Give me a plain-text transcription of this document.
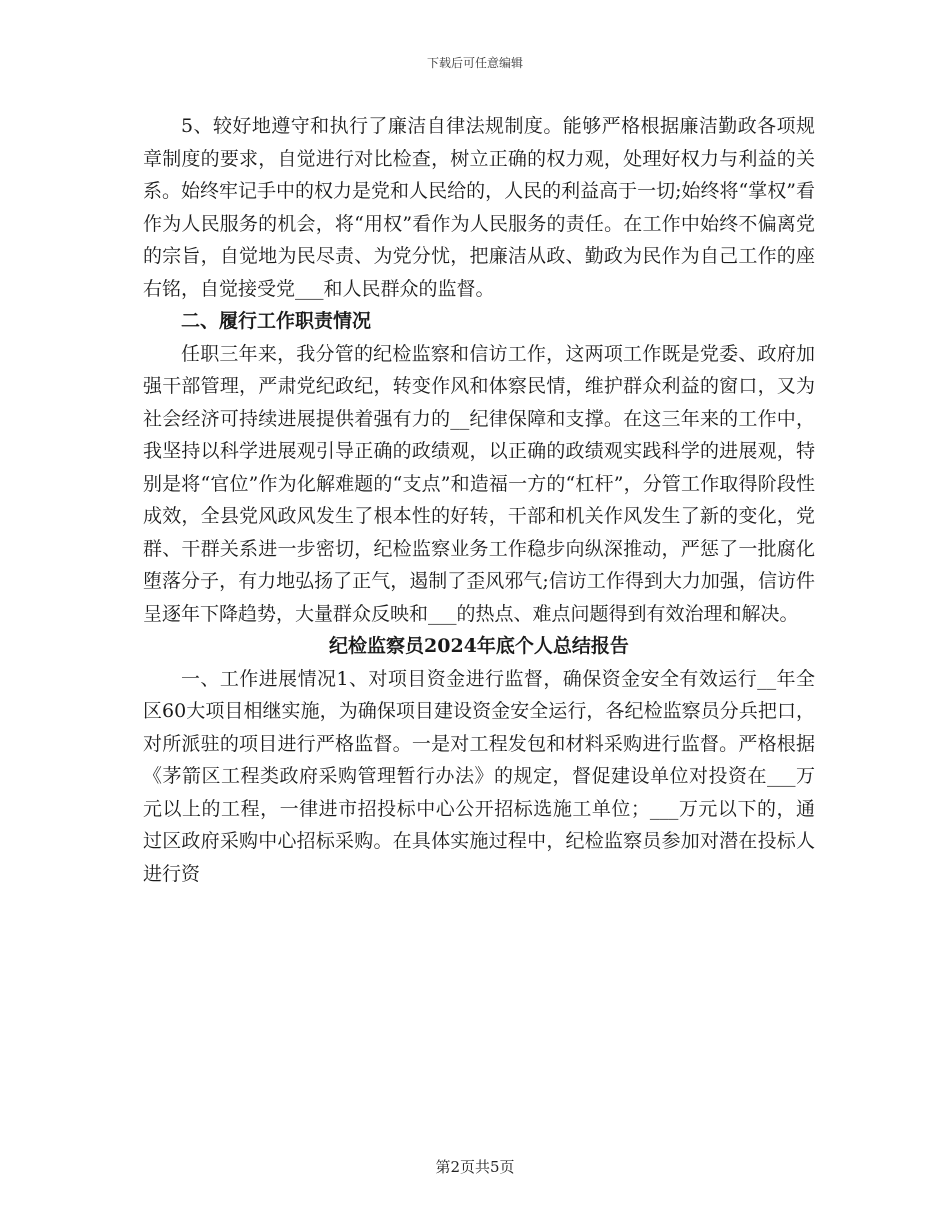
下载后可任意编辑

5、较好地遵守和执行了廉洁自律法规制度。能够严格根据廉洁勤政各项规章制度的要求，自觉进行对比检查，树立正确的权力观，处理好权力与利益的关系。始终牢记手中的权力是党和人民给的，人民的利益高于一切;始终将“掌权”看作为人民服务的机会，将“用权”看作为人民服务的责任。在工作中始终不偏离党的宗旨，自觉地为民尽责、为党分忧，把廉洁从政、勤政为民作为自己工作的座右铭，自觉接受党___和人民群众的监督。

二、履行工作职责情况

任职三年来，我分管的纪检监察和信访工作，这两项工作既是党委、政府加强干部管理，严肃党纪政纪，转变作风和体察民情，维护群众利益的窗口，又为社会经济可持续进展提供着强有力的__纪律保障和支撑。在这三年来的工作中，我坚持以科学进展观引导正确的政绩观，以正确的政绩观实践科学的进展观，特别是将“官位”作为化解难题的“支点”和造福一方的“杠杆”，分管工作取得阶段性成效，全县党风政风发生了根本性的好转，干部和机关作风发生了新的变化，党群、干群关系进一步密切，纪检监察业务工作稳步向纵深推动，严惩了一批腐化堕落分子，有力地弘扬了正气，遏制了歪风邪气;信访工作得到大力加强，信访件呈逐年下降趋势，大量群众反映和___的热点、难点问题得到有效治理和解决。

纪检监察员2024年底个人总结报告

一、工作进展情况1、对项目资金进行监督，确保资金安全有效运行__年全区60大项目相继实施，为确保项目建设资金安全运行，各纪检监察员分兵把口，对所派驻的项目进行严格监督。一是对工程发包和材料采购进行监督。严格根据《茅箭区工程类政府采购管理暂行办法》的规定，督促建设单位对投资在___万元以上的工程，一律进市招投标中心公开招标选施工单位；___万元以下的，通过区政府采购中心招标采购。在具体实施过程中，纪检监察员参加对潜在投标人进行资

第2页共5页
